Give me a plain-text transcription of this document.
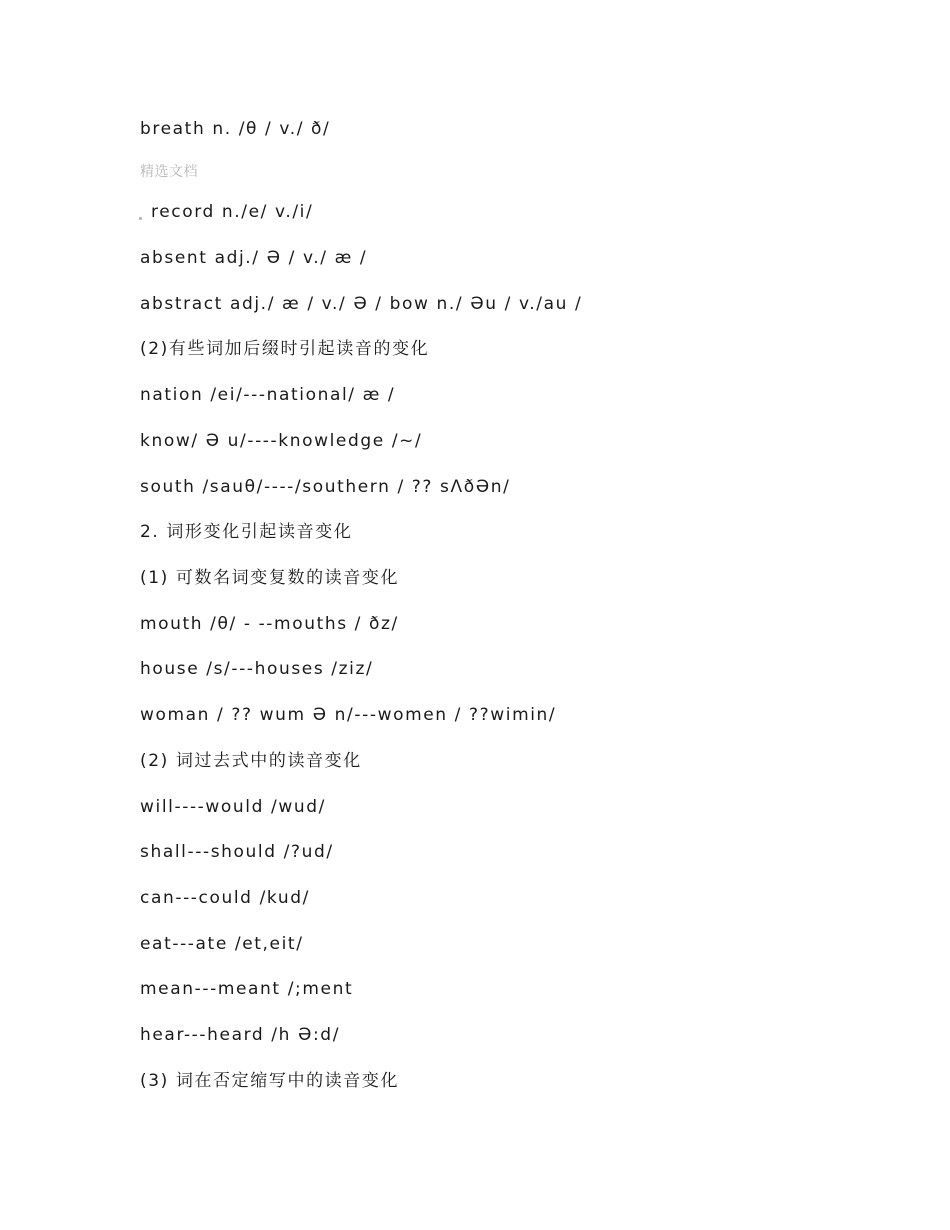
breath n. /θ / v./ ð/
精选文档
record n./e/ v./i/
absent adj./ Ə / v./ æ /
abstract adj./ æ / v./ Ə / bow n./ Əu / v./au /
(2)有些词加后缀时引起读音的变化
nation /ei/---national/ æ /
know/ Ə u/----knowledge /~/
south /sauθ/----/southern / ?? sɅðƏn/
2. 词形变化引起读音变化
(1) 可数名词变复数的读音变化
mouth /θ/ - --mouths / ðz/
house /s/---houses /ziz/
woman / ?? wum Ə n/---women / ??wimin/
(2) 词过去式中的读音变化
will----would /wud/
shall---should /?ud/
can---could /kud/
eat---ate /et,eit/
mean---meant /;ment
hear---heard /h Ə:d/
(3) 词在否定缩写中的读音变化
